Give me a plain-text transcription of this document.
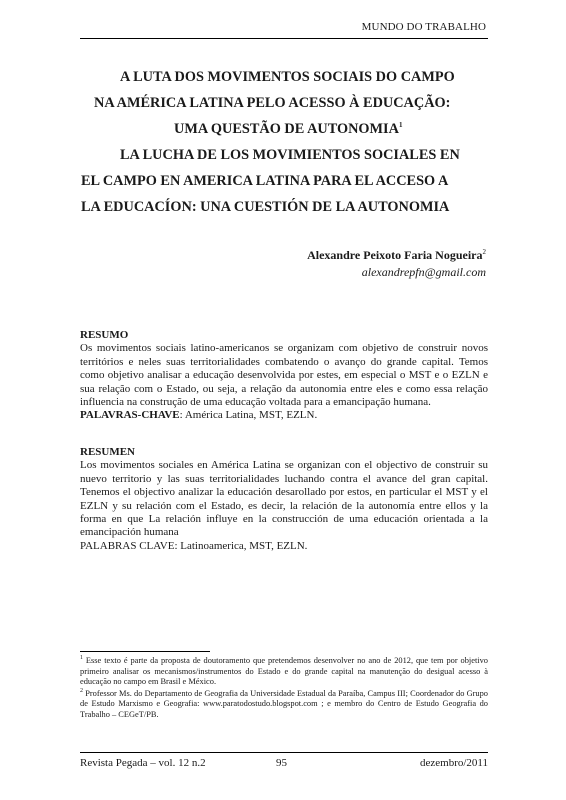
MUNDO DO TRABALHO
A LUTA DOS MOVIMENTOS SOCIAIS DO CAMPO
NA AMÉRICA LATINA PELO ACESSO À EDUCAÇÃO:
UMA QUESTÃO DE AUTONOMIA$^1$
LA LUCHA DE LOS MOVIMIENTOS SOCIALES EN
EL CAMPO EN AMERICA LATINA PARA EL ACCESO A
LA EDUCACÍON: UNA CUESTIÓN DE LA AUTONOMIA
Alexandre Peixoto Faria Nogueira$^2$
alexandrepfn@gmail.com
RESUMO
Os movimentos sociais latino-americanos se organizam com objetivo de construir novos territórios e neles suas territorialidades combatendo o avanço do grande capital. Temos como objetivo analisar a educação desenvolvida por estes, em especial o MST e o EZLN e sua relação com o Estado, ou seja, a relação da autonomia entre eles e como essa relação influencia na construção de uma educação voltada para a emancipação humana.
PALAVRAS-CHAVE: América Latina, MST, EZLN.
RESUMEN
Los movimentos sociales en América Latina se organizan con el objectivo de construir su nuevo territorio y las suas territorialidades luchando contra el avance del gran capital. Tenemos el objectivo analizar la educación desarollado por estos, en particular el MST y el EZLN y su relación com el Estado, es decir, la relación de la autonomía entre ellos y la forma en que La relación influye en la construcción de uma educación orientada a la emancipación humana
PALABRAS CLAVE: Latinoamerica, MST, EZLN.
$^1$ Esse texto é parte da proposta de doutoramento que pretendemos desenvolver no ano de 2012, que tem por objetivo primeiro analisar os mecanismos/instrumentos do Estado e do grande capital na manutenção do desigual acesso à educação no campo em Brasil e México.
$^2$ Professor Ms. do Departamento de Geografia da Universidade Estadual da Paraíba, Campus III; Coordenador do Grupo de Estudo Marxismo e Geografia: www.paratodostudo.blogspot.com ; e membro do Centro de Estudo Geografia do Trabalho – CEGeT/PB.
Revista Pegada – vol. 12 n.2	95	dezembro/2011
